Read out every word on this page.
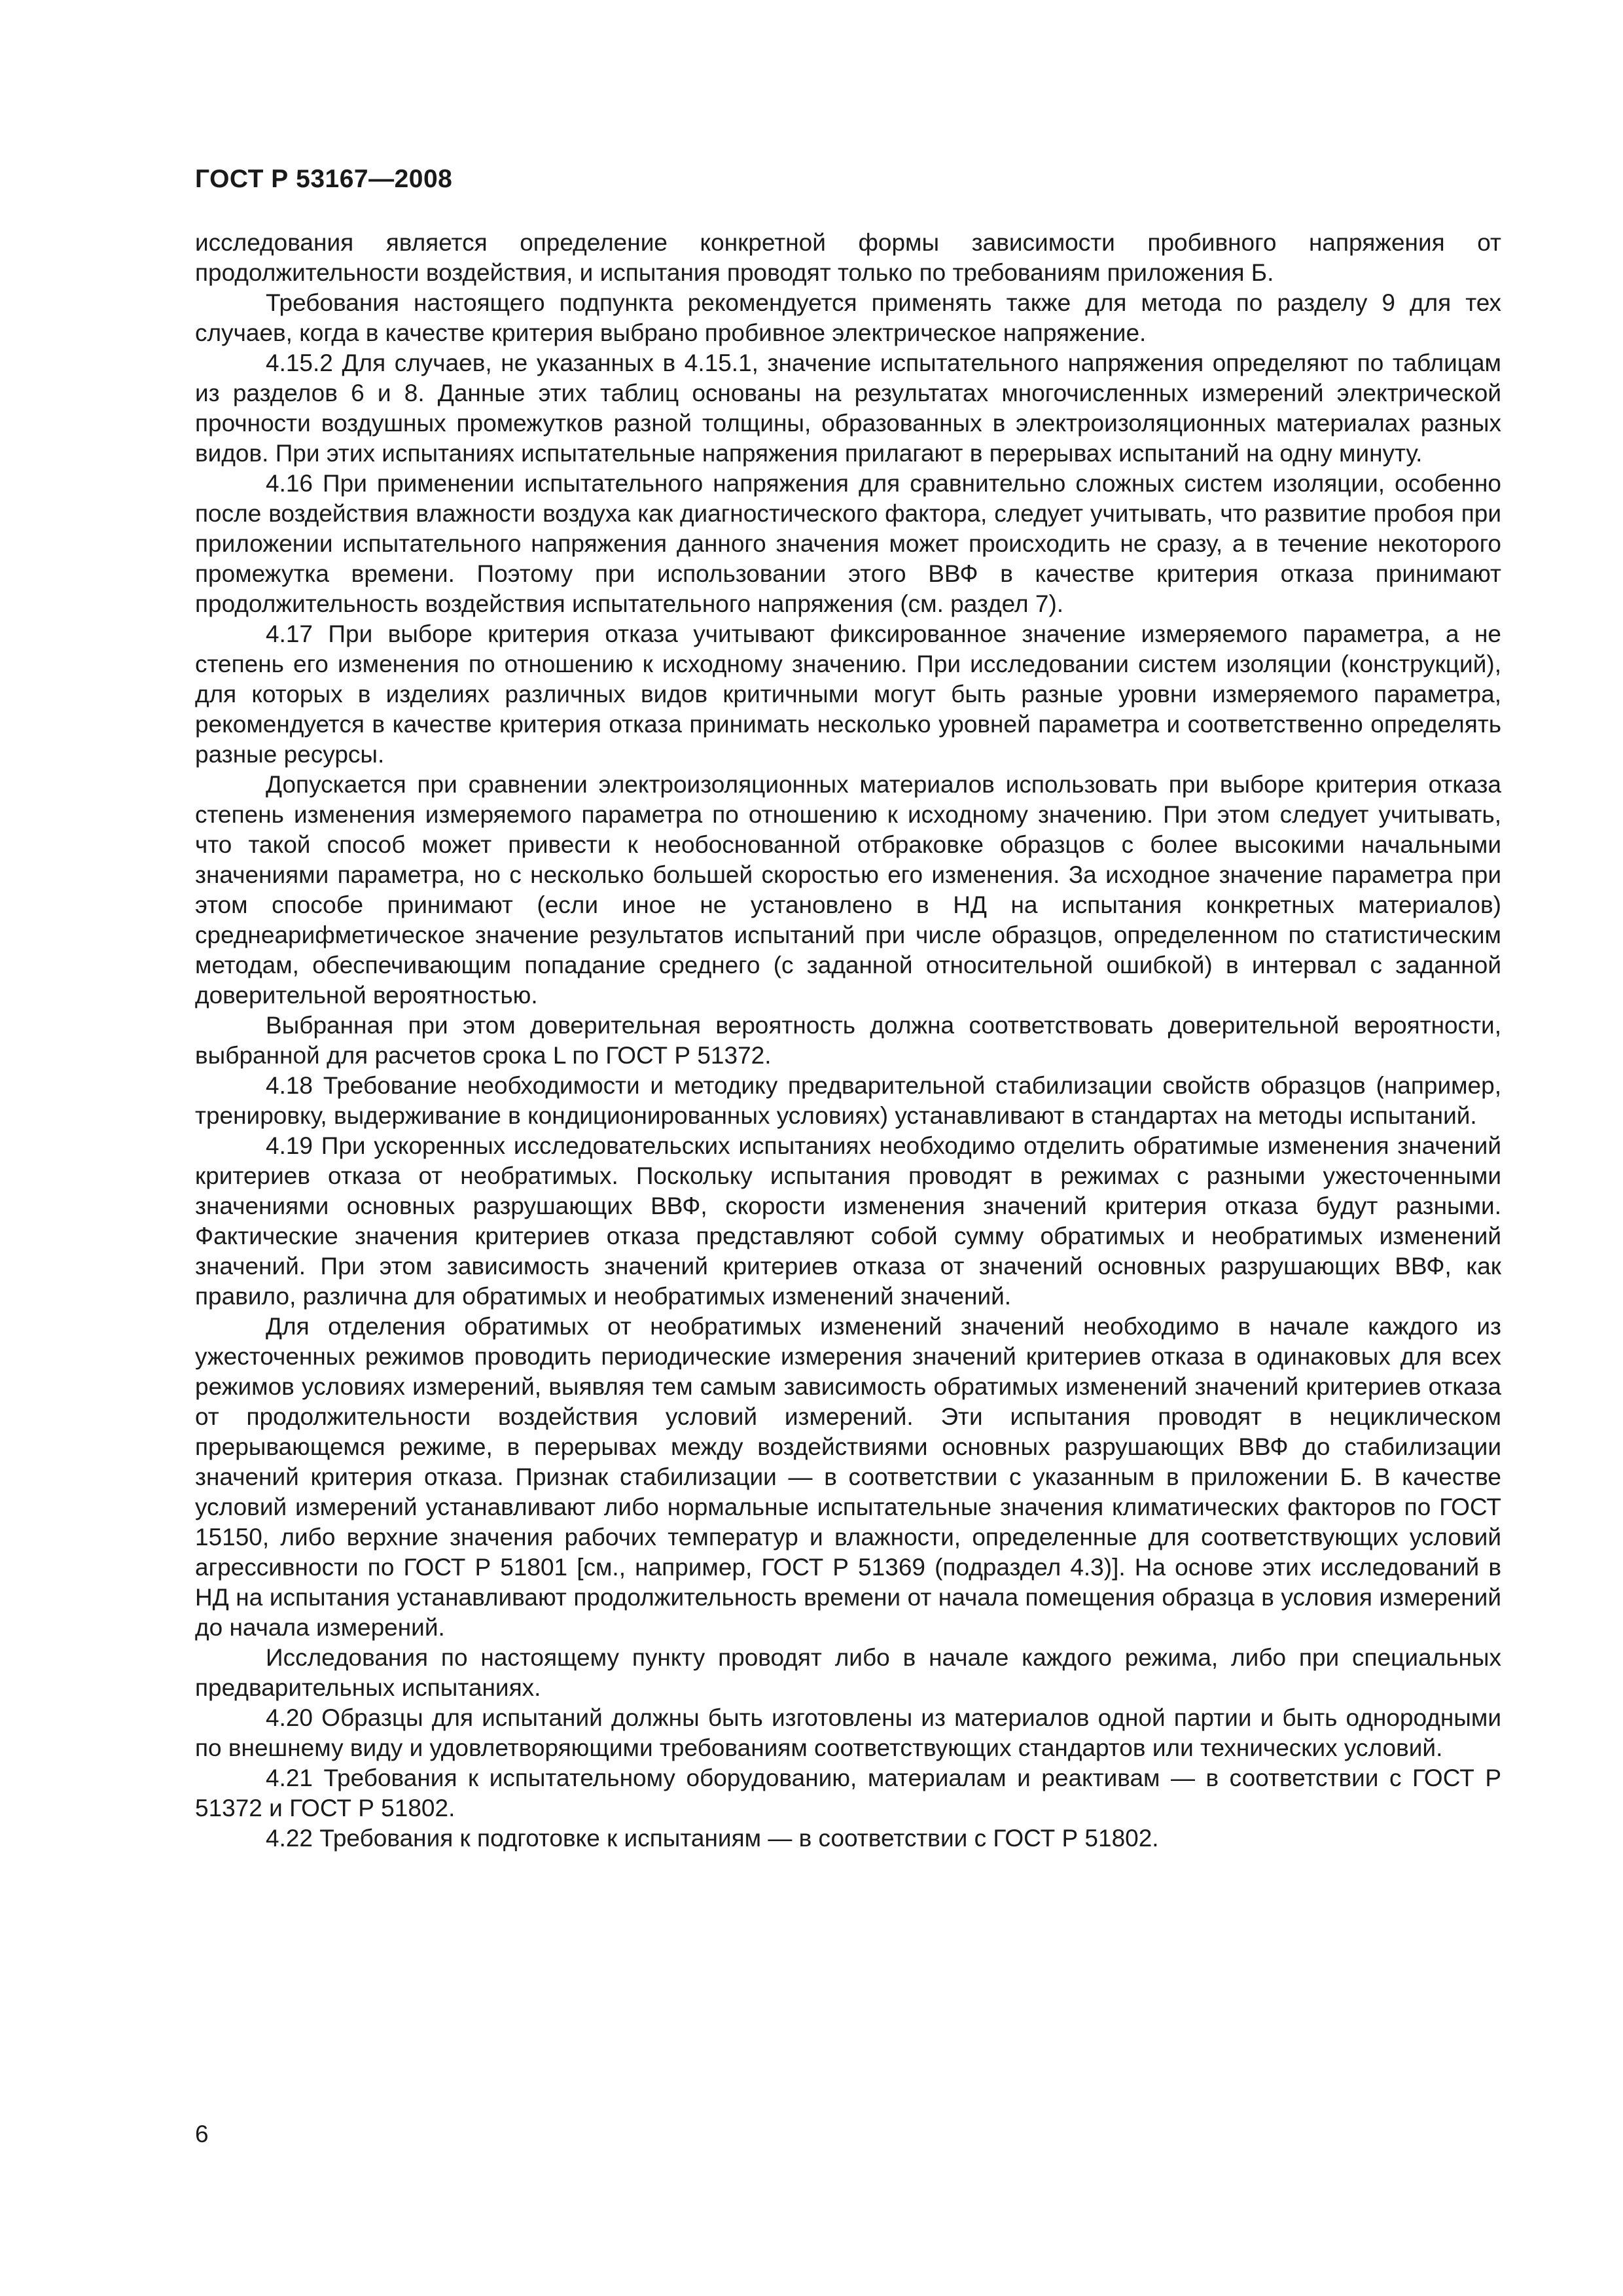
ГОСТ Р 53167—2008

исследования является определение конкретной формы зависимости пробивного напряжения от продолжительности воздействия, и испытания проводят только по требованиям приложения Б.

Требования настоящего подпункта рекомендуется применять также для метода по разделу 9 для тех случаев, когда в качестве критерия выбрано пробивное электрическое напряжение.

4.15.2 Для случаев, не указанных в 4.15.1, значение испытательного напряжения определяют по таблицам из разделов 6 и 8. Данные этих таблиц основаны на результатах многочисленных измерений электрической прочности воздушных промежутков разной толщины, образованных в электроизоляционных материалах разных видов. При этих испытаниях испытательные напряжения прилагают в перерывах испытаний на одну минуту.

4.16 При применении испытательного напряжения для сравнительно сложных систем изоляции, особенно после воздействия влажности воздуха как диагностического фактора, следует учитывать, что развитие пробоя при приложении испытательного напряжения данного значения может происходить не сразу, а в течение некоторого промежутка времени. Поэтому при использовании этого ВВФ в качестве критерия отказа принимают продолжительность воздействия испытательного напряжения (см. раздел 7).

4.17 При выборе критерия отказа учитывают фиксированное значение измеряемого параметра, а не степень его изменения по отношению к исходному значению. При исследовании систем изоляции (конструкций), для которых в изделиях различных видов критичными могут быть разные уровни измеряемого параметра, рекомендуется в качестве критерия отказа принимать несколько уровней параметра и соответственно определять разные ресурсы.

Допускается при сравнении электроизоляционных материалов использовать при выборе критерия отказа степень изменения измеряемого параметра по отношению к исходному значению. При этом следует учитывать, что такой способ может привести к необоснованной отбраковке образцов с более высокими начальными значениями параметра, но с несколько большей скоростью его изменения. За исходное значение параметра при этом способе принимают (если иное не установлено в НД на испытания конкретных материалов) среднеарифметическое значение результатов испытаний при числе образцов, определенном по статистическим методам, обеспечивающим попадание среднего (с заданной относительной ошибкой) в интервал с заданной доверительной вероятностью.

Выбранная при этом доверительная вероятность должна соответствовать доверительной вероятности, выбранной для расчетов срока L по ГОСТ Р 51372.

4.18 Требование необходимости и методику предварительной стабилизации свойств образцов (например, тренировку, выдерживание в кондиционированных условиях) устанавливают в стандартах на методы испытаний.

4.19 При ускоренных исследовательских испытаниях необходимо отделить обратимые изменения значений критериев отказа от необратимых. Поскольку испытания проводят в режимах с разными ужесточенными значениями основных разрушающих ВВФ, скорости изменения значений критерия отказа будут разными. Фактические значения критериев отказа представляют собой сумму обратимых и необратимых изменений значений. При этом зависимость значений критериев отказа от значений основных разрушающих ВВФ, как правило, различна для обратимых и необратимых изменений значений.

Для отделения обратимых от необратимых изменений значений необходимо в начале каждого из ужесточенных режимов проводить периодические измерения значений критериев отказа в одинаковых для всех режимов условиях измерений, выявляя тем самым зависимость обратимых изменений значений критериев отказа от продолжительности воздействия условий измерений. Эти испытания проводят в нециклическом прерывающемся режиме, в перерывах между воздействиями основных разрушающих ВВФ до стабилизации значений критерия отказа. Признак стабилизации — в соответствии с указанным в приложении Б. В качестве условий измерений устанавливают либо нормальные испытательные значения климатических факторов по ГОСТ 15150, либо верхние значения рабочих температур и влажности, определенные для соответствующих условий агрессивности по ГОСТ Р 51801 [см., например, ГОСТ Р 51369 (подраздел 4.3)]. На основе этих исследований в НД на испытания устанавливают продолжительность времени от начала помещения образца в условия измерений до начала измерений.

Исследования по настоящему пункту проводят либо в начале каждого режима, либо при специальных предварительных испытаниях.

4.20 Образцы для испытаний должны быть изготовлены из материалов одной партии и быть однородными по внешнему виду и удовлетворяющими требованиям соответствующих стандартов или технических условий.

4.21 Требования к испытательному оборудованию, материалам и реактивам — в соответствии с ГОСТ Р 51372 и ГОСТ Р 51802.

4.22 Требования к подготовке к испытаниям — в соответствии с ГОСТ Р 51802.

6
